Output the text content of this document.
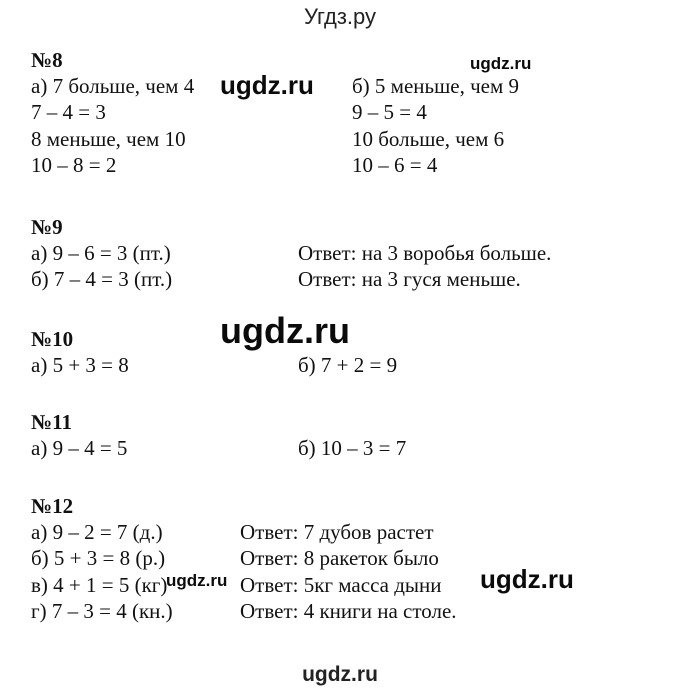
Угдз.ру
№8
а) 7 больше, чем 4
7 – 4 = 3
8 меньше, чем 10
10 – 8 = 2
б) 5 меньше, чем 9
9 – 5 = 4
10 больше, чем 6
10 – 6 = 4
№9
а) 9 – 6 = 3 (пт.)	Ответ: на 3 воробья больше.
б) 7 – 4 = 3 (пт.)	Ответ: на 3 гуся меньше.
№10
а) 5 + 3 = 8	б) 7 + 2 = 9
№11
а) 9 – 4 = 5	б) 10 – 3 = 7
№12
а) 9 – 2 = 7 (д.)	Ответ: 7 дубов растет
б) 5 + 3 = 8 (р.)	Ответ: 8 ракеток было
в) 4 + 1 = 5 (кг)	Ответ: 5кг масса дыни
г) 7 – 3 = 4 (кн.)	Ответ: 4 книги на столе.
ugdz.ru
ugdz.ru
ugdz.ru
ugdz.ru	ugdz.ru
ugdz.ru
